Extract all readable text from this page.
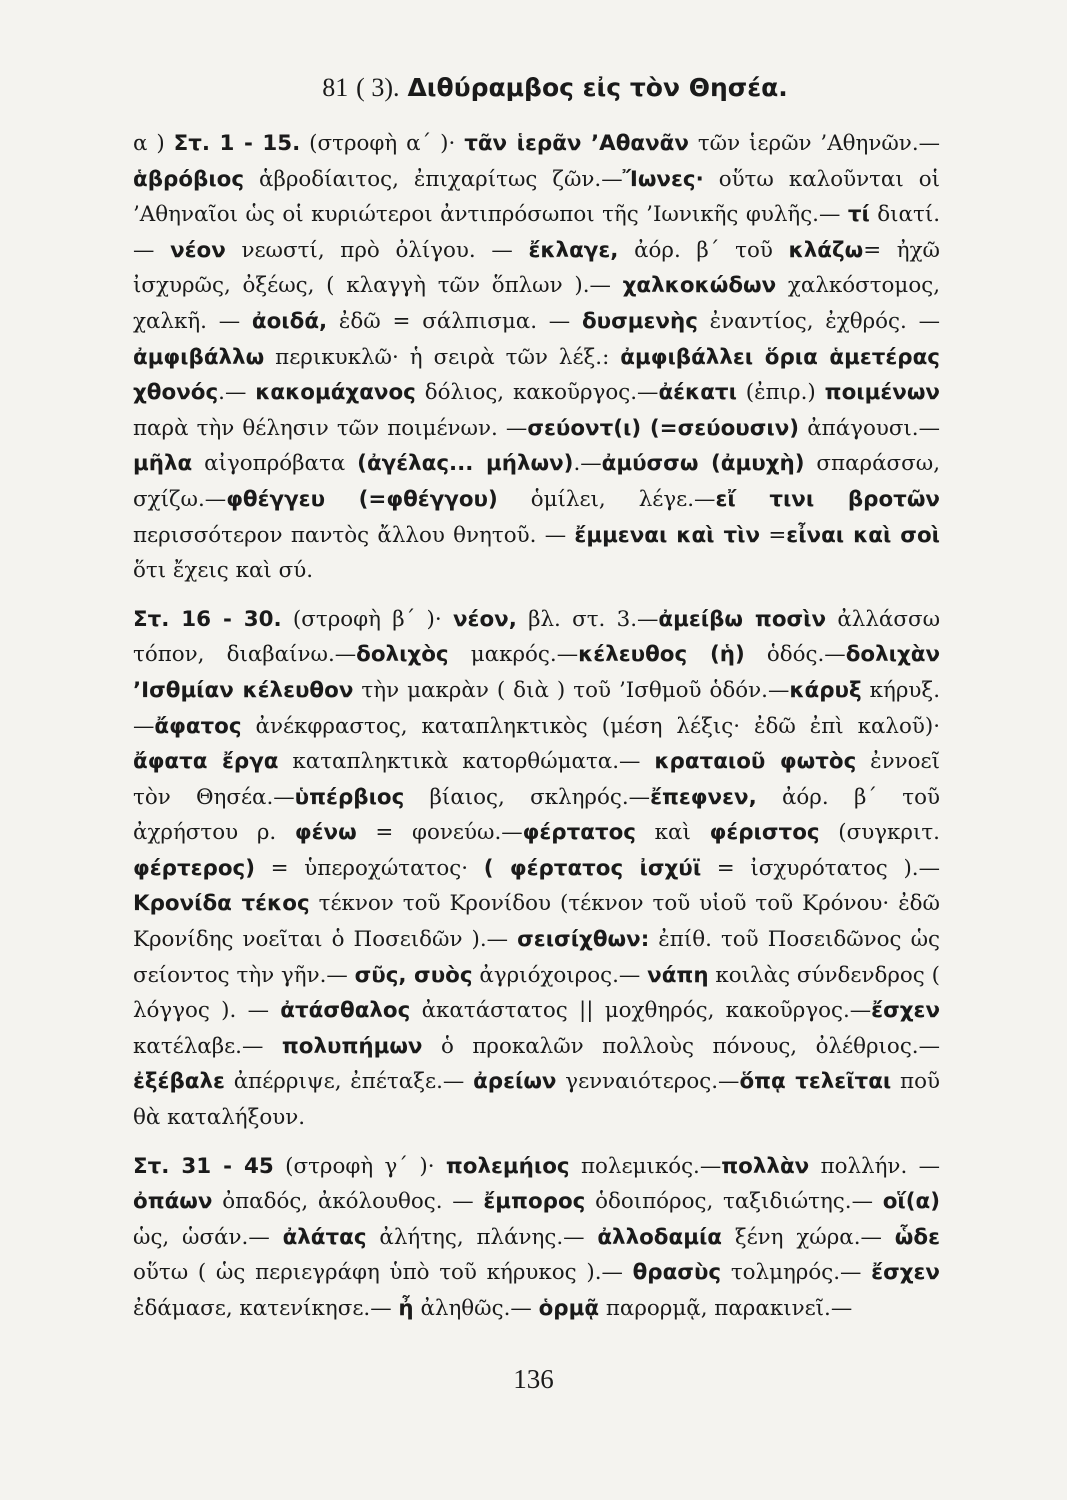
81 ( 3). Διθύραμβος εἰς τὸν Θησέα.

α ) Στ. 1 - 15. (στροφὴ α΄ )· τᾶν ἱερᾶν ’Αθανᾶν τῶν ἱερῶν ’Αθηνῶν.—ἁβρόβιος ἁβροδίαιτος, ἐπιχαρίτως ζῶν.—Ἴωνες· οὕτω καλοῦνται οἱ ’Αθηναῖοι ὡς οἱ κυριώτεροι ἀντιπρόσωποι τῆς ’Ιωνικῆς φυλῆς.— τί διατί. — νέον νεωστί, πρὸ ὀλίγου. — ἔκλαγε, ἀόρ. β΄ τοῦ κλάζω= ἠχῶ ἰσχυρῶς, ὀξέως, ( κλαγγὴ τῶν ὅπλων ).— χαλκοκώδων χαλκόστομος, χαλκῆ. — ἀοιδά, ἐδῶ = σάλπισμα. — δυσμενὴς ἐναντίος, ἐχθρός. —ἀμφιβάλλω περικυκλῶ· ἡ σειρὰ τῶν λέξ.: ἀμφιβάλλει ὅρια ἁμετέρας χθονός.— κακομάχανος δόλιος, κακοῦργος.—ἀέκατι (ἐπιρ.) ποιμένων παρὰ τὴν θέλησιν τῶν ποιμένων. —σεύοντ(ι) (=σεύουσιν) ἀπάγουσι.—μῆλα αἰγοπρόβατα (ἀγέλας... μήλων).—ἀμύσσω (ἀμυχὴ) σπαράσσω, σχίζω.—φθέγγευ (=φθέγγου) ὁμίλει, λέγε.—εἴ τινι βροτῶν περισσότερον παντὸς ἄλλου θνητοῦ. — ἔμμεναι καὶ τὶν =εἶναι καὶ σοὶ ὅτι ἔχεις καὶ σύ.

Στ. 16 - 30. (στροφὴ β΄ )· νέον, βλ. στ. 3.—ἀμείβω ποσὶν ἀλλάσσω τόπον, διαβαίνω.—δολιχὸς μακρός.—κέλευθος (ἡ) ὁδός.—δολιχὰν ’Ισθμίαν κέλευθον τὴν μακρὰν ( διὰ ) τοῦ ’Ισθμοῦ ὁδόν.—κάρυξ κήρυξ.—ἄφατος ἀνέκφραστος, καταπληκτικὸς (μέση λέξις· ἐδῶ ἐπὶ καλοῦ)· ἄφατα ἔργα καταπληκτικὰ κατορθώματα.— κραταιοῦ φωτὸς ἐννοεῖ τὸν Θησέα.—ὑπέρβιος βίαιος, σκληρός.—ἔπεφνεν, ἀόρ. β΄ τοῦ ἀχρήστου ρ. φένω = φονεύω.—φέρτατος καὶ φέριστος (συγκριτ. φέρτερος) = ὑπεροχώτατος· ( φέρτατος ἰσχύϊ = ἰσχυρότατος ).— Κρονίδα τέκος τέκνον τοῦ Κρονίδου (τέκνον τοῦ υἱοῦ τοῦ Κρόνου· ἐδῶ Κρονίδης νοεῖται ὁ Ποσειδῶν ).— σεισίχθων: ἐπίθ. τοῦ Ποσειδῶνος ὡς σείοντος τὴν γῆν.— σῦς, συὸς ἀγριόχοιρος.— νάπη κοιλὰς σύνδενδρος ( λόγγος ). — ἀτάσθαλος ἀκατάστατος || μοχθηρός, κακοῦργος.—ἔσχεν κατέλαβε.— πολυπήμων ὁ προκαλῶν πολλοὺς πόνους, ὀλέθριος.—ἐξέβαλε ἀπέρριψε, ἐπέταξε.— ἀρείων γενναιότερος.—ὅπᾳ τελεῖται ποῦ θὰ καταλήξουν.

Στ. 31 - 45 (στροφὴ γ΄ )· πολεμήιος πολεμικός.—πολλὰν πολλήν. — ὀπάων ὀπαδός, ἀκόλουθος. — ἔμπορος ὁδοιπόρος, ταξιδιώτης.— οἵ(α) ὡς, ὡσάν.— ἀλάτας ἀλήτης, πλάνης.— ἀλλοδαμία ξένη χώρα.— ὧδε οὕτω ( ὡς περιεγράφη ὑπὸ τοῦ κήρυκος ).— θρασὺς τολμηρός.— ἔσχεν ἐδάμασε, κατενίκησε.— ἦ ἀληθῶς.— ὁρμᾷ παρορμᾷ, παρακινεῖ.—

136
